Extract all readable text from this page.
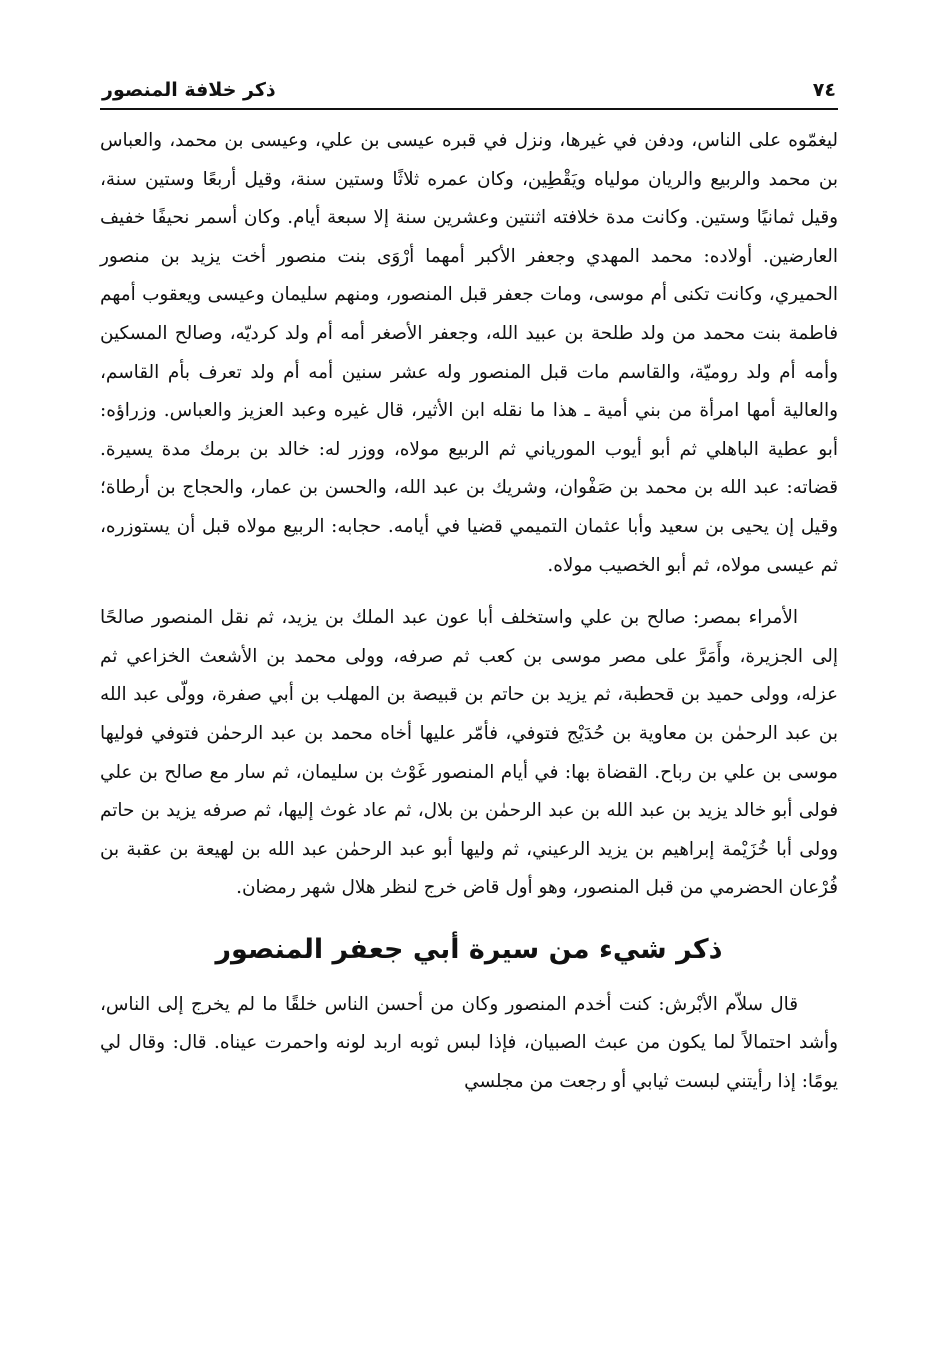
٧٤
ذكر خلافة المنصور

ليغمّوه على الناس، ودفن في غيرها، ونزل في قبره عيسى بن علي، وعيسى بن محمد، والعباس بن محمد والربيع والريان مولياه ويَقْطِين، وكان عمره ثلاثًا وستين سنة، وقيل أربعًا وستين سنة، وقيل ثمانيًا وستين. وكانت مدة خلافته اثنتين وعشرين سنة إلا سبعة أيام. وكان أسمر نحيفًا خفيف العارضين. أولاده: محمد المهدي وجعفر الأكبر أمهما أرْوَى بنت منصور أخت يزيد بن منصور الحميري، وكانت تكنى أم موسى، ومات جعفر قبل المنصور، ومنهم سليمان وعيسى ويعقوب أمهم فاطمة بنت محمد من ولد طلحة بن عبيد الله، وجعفر الأصغر أمه أم ولد كرديّه، وصالح المسكين وأمه أم ولد روميّة، والقاسم مات قبل المنصور وله عشر سنين أمه أم ولد تعرف بأم القاسم، والعالية أمها امرأة من بني أمية ـ هذا ما نقله ابن الأثير، قال غيره وعبد العزيز والعباس. وزراؤه: أبو عطية الباهلي ثم أبو أيوب المورياني ثم الربيع مولاه، ووزر له: خالد بن برمك مدة يسيرة. قضاته: عبد الله بن محمد بن صَفْوان، وشريك بن عبد الله، والحسن بن عمار، والحجاج بن أرطاة؛ وقيل إن يحيى بن سعيد وأبا عثمان التميمي قضيا في أيامه. حجابه: الربيع مولاه قبل أن يستوزره، ثم عيسى مولاه، ثم أبو الخصيب مولاه.

الأمراء بمصر: صالح بن علي واستخلف أبا عون عبد الملك بن يزيد، ثم نقل المنصور صالحًا إلى الجزيرة، وأَمَرَّ على مصر موسى بن كعب ثم صرفه، وولى محمد بن الأشعث الخزاعي ثم عزله، وولى حميد بن قحطبة، ثم يزيد بن حاتم بن قبيصة بن المهلب بن أبي صفرة، وولّى عبد الله بن عبد الرحمٰن بن معاوية بن حُدَيْج فتوفي، فأمّر عليها أخاه محمد بن عبد الرحمٰن فتوفي فوليها موسى بن علي بن رباح. القضاة بها: في أيام المنصور غَوْث بن سليمان، ثم سار مع صالح بن علي فولى أبو خالد يزيد بن عبد الله بن عبد الرحمٰن بن بلال، ثم عاد غوث إليها، ثم صرفه يزيد بن حاتم وولى أبا خُزَيْمة إبراهيم بن يزيد الرعيني، ثم وليها أبو عبد الرحمٰن عبد الله بن لهيعة بن عقبة بن فُرْعان الحضرمي من قبل المنصور، وهو أول قاض خرج لنظر هلال شهر رمضان.

ذكر شيء من سيرة أبي جعفر المنصور

قال سلاّم الأبْرش: كنت أخدم المنصور وكان من أحسن الناس خلقًا ما لم يخرج إلى الناس، وأشد احتمالاً لما يكون من عبث الصبيان، فإذا لبس ثوبه اربد لونه واحمرت عيناه. قال: وقال لي يومًا: إذا رأيتني لبست ثيابي أو رجعت من مجلسي
